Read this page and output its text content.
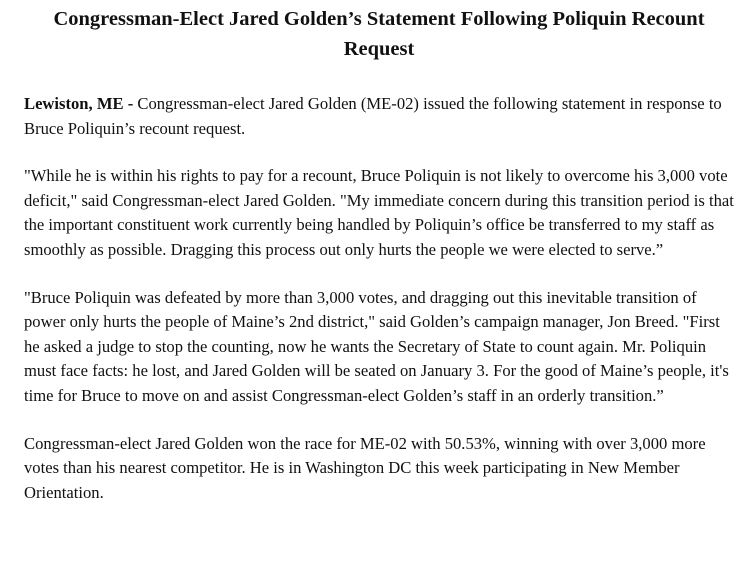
Congressman-Elect Jared Golden’s Statement Following Poliquin Recount Request

Lewiston, ME - Congressman-elect Jared Golden (ME-02) issued the following statement in response to Bruce Poliquin’s recount request.

"While he is within his rights to pay for a recount, Bruce Poliquin is not likely to overcome his 3,000 vote deficit," said Congressman-elect Jared Golden. "My immediate concern during this transition period is that the important constituent work currently being handled by Poliquin’s office be transferred to my staff as smoothly as possible. Dragging this process out only hurts the people we were elected to serve.”

"Bruce Poliquin was defeated by more than 3,000 votes, and dragging out this inevitable transition of power only hurts the people of Maine’s 2nd district," said Golden’s campaign manager, Jon Breed. "First he asked a judge to stop the counting, now he wants the Secretary of State to count again. Mr. Poliquin must face facts: he lost, and Jared Golden will be seated on January 3. For the good of Maine’s people, it's time for Bruce to move on and assist Congressman-elect Golden’s staff in an orderly transition.”

Congressman-elect Jared Golden won the race for ME-02 with 50.53%, winning with over 3,000 more votes than his nearest competitor. He is in Washington DC this week participating in New Member Orientation.
